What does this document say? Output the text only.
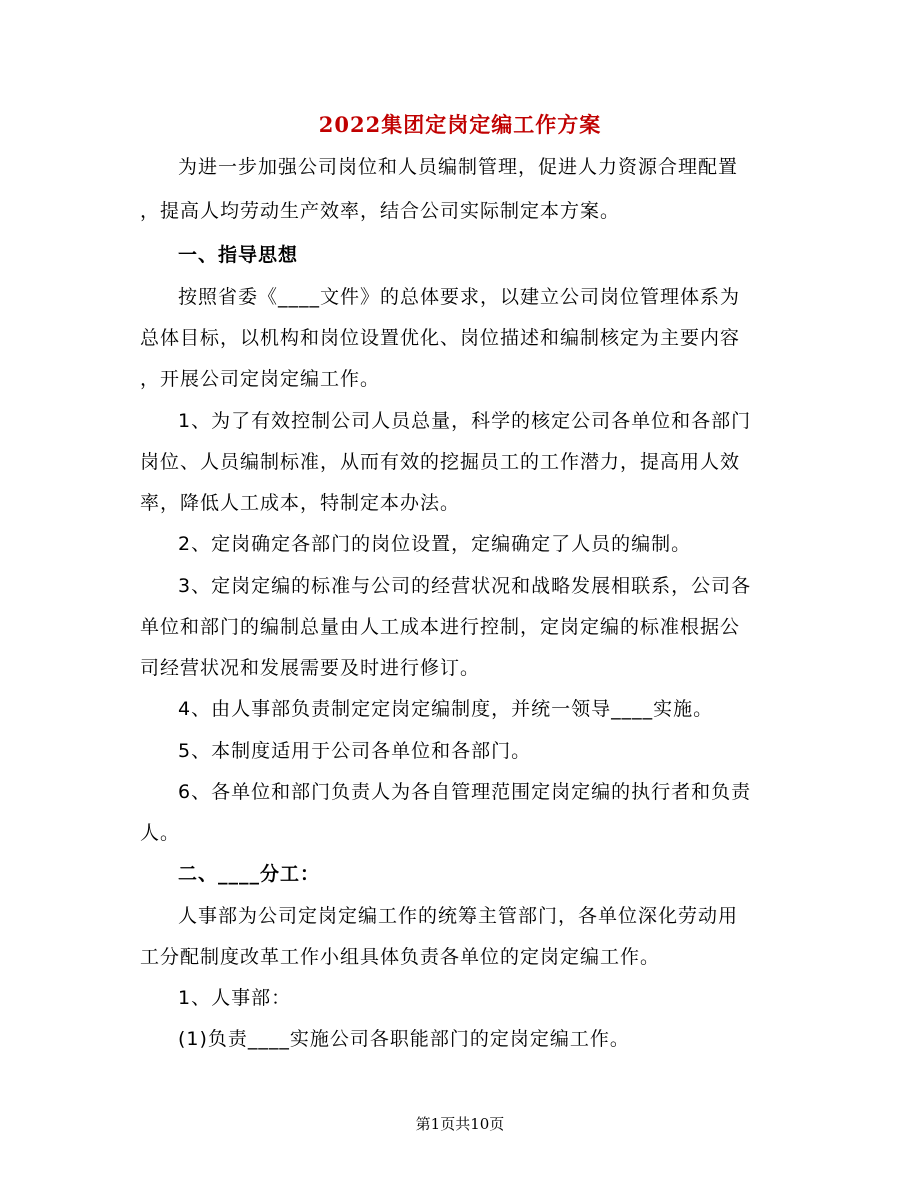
2022集团定岗定编工作方案

为进一步加强公司岗位和人员编制管理，促进人力资源合理配置

，提高人均劳动生产效率，结合公司实际制定本方案。

一、指导思想

按照省委《____文件》的总体要求，以建立公司岗位管理体系为

总体目标，以机构和岗位设置优化、岗位描述和编制核定为主要内容

，开展公司定岗定编工作。

1、为了有效控制公司人员总量，科学的核定公司各单位和各部门

岗位、人员编制标准，从而有效的挖掘员工的工作潜力，提高用人效

率，降低人工成本，特制定本办法。

2、定岗确定各部门的岗位设置，定编确定了人员的编制。

3、定岗定编的标准与公司的经营状况和战略发展相联系，公司各

单位和部门的编制总量由人工成本进行控制，定岗定编的标准根据公

司经营状况和发展需要及时进行修订。

4、由人事部负责制定定岗定编制度，并统一领导____实施。

5、本制度适用于公司各单位和各部门。

6、各单位和部门负责人为各自管理范围定岗定编的执行者和负责

人。

二、____分工：

人事部为公司定岗定编工作的统筹主管部门，各单位深化劳动用

工分配制度改革工作小组具体负责各单位的定岗定编工作。

1、人事部：

(1)负责____实施公司各职能部门的定岗定编工作。

第1页共10页
